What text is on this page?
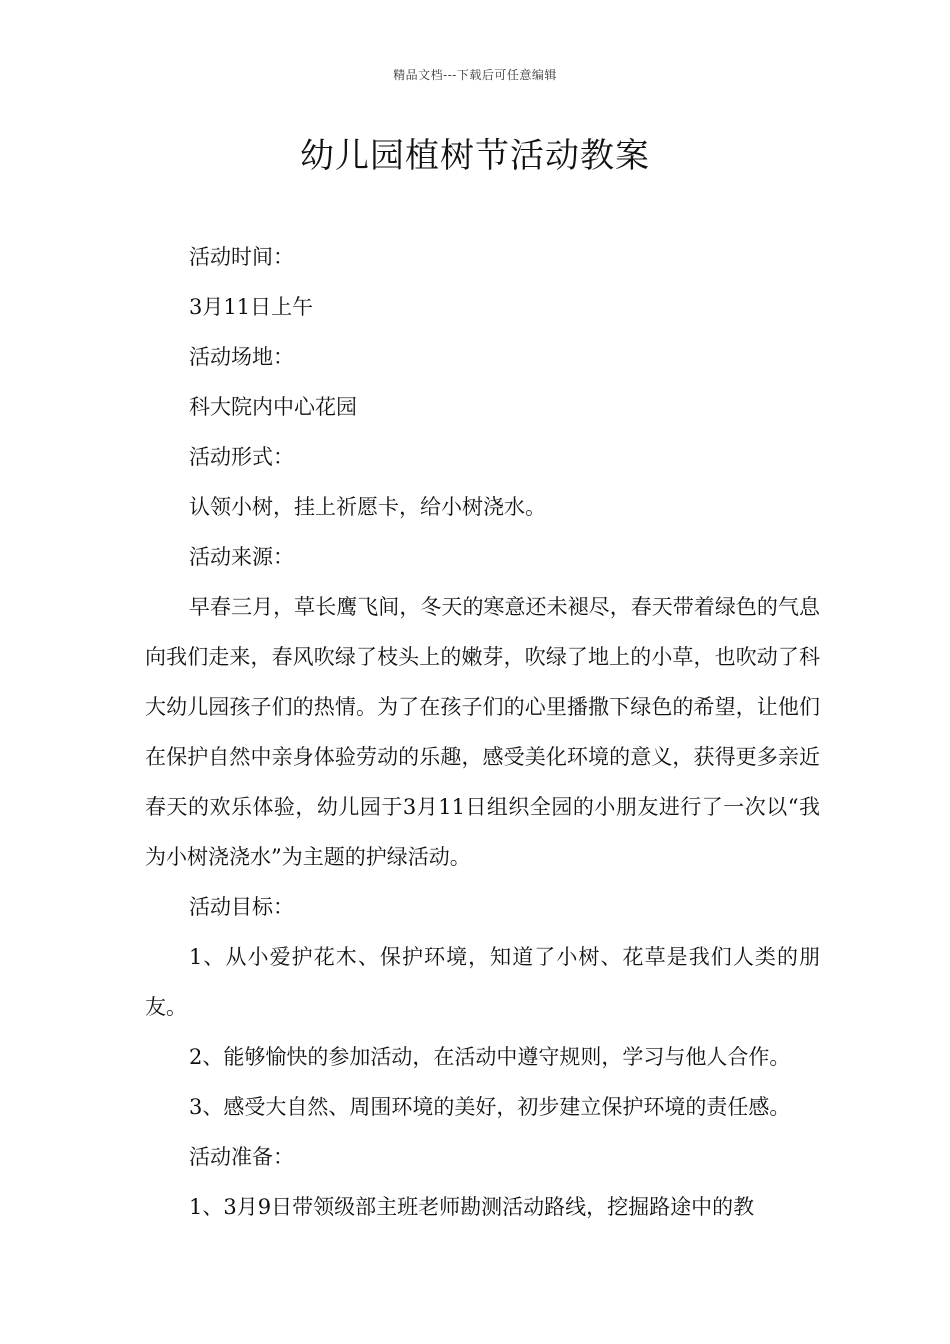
精品文档---下载后可任意编辑
幼儿园植树节活动教案

活动时间：

3月11日上午

活动场地：

科大院内中心花园

活动形式：

认领小树，挂上祈愿卡，给小树浇水。

活动来源：

早春三月，草长鹰飞间，冬天的寒意还未褪尽，春天带着绿色的气息向我们走来，春风吹绿了枝头上的嫩芽，吹绿了地上的小草，也吹动了科大幼儿园孩子们的热情。为了在孩子们的心里播撒下绿色的希望，让他们在保护自然中亲身体验劳动的乐趣，感受美化环境的意义，获得更多亲近春天的欢乐体验，幼儿园于3月11日组织全园的小朋友进行了一次以“我为小树浇浇水”为主题的护绿活动。

活动目标：

1、从小爱护花木、保护环境，知道了小树、花草是我们人类的朋友。

2、能够愉快的参加活动，在活动中遵守规则，学习与他人合作。

3、感受大自然、周围环境的美好，初步建立保护环境的责任感。

活动准备：

1、3月9日带领级部主班老师勘测活动路线，挖掘路途中的教
